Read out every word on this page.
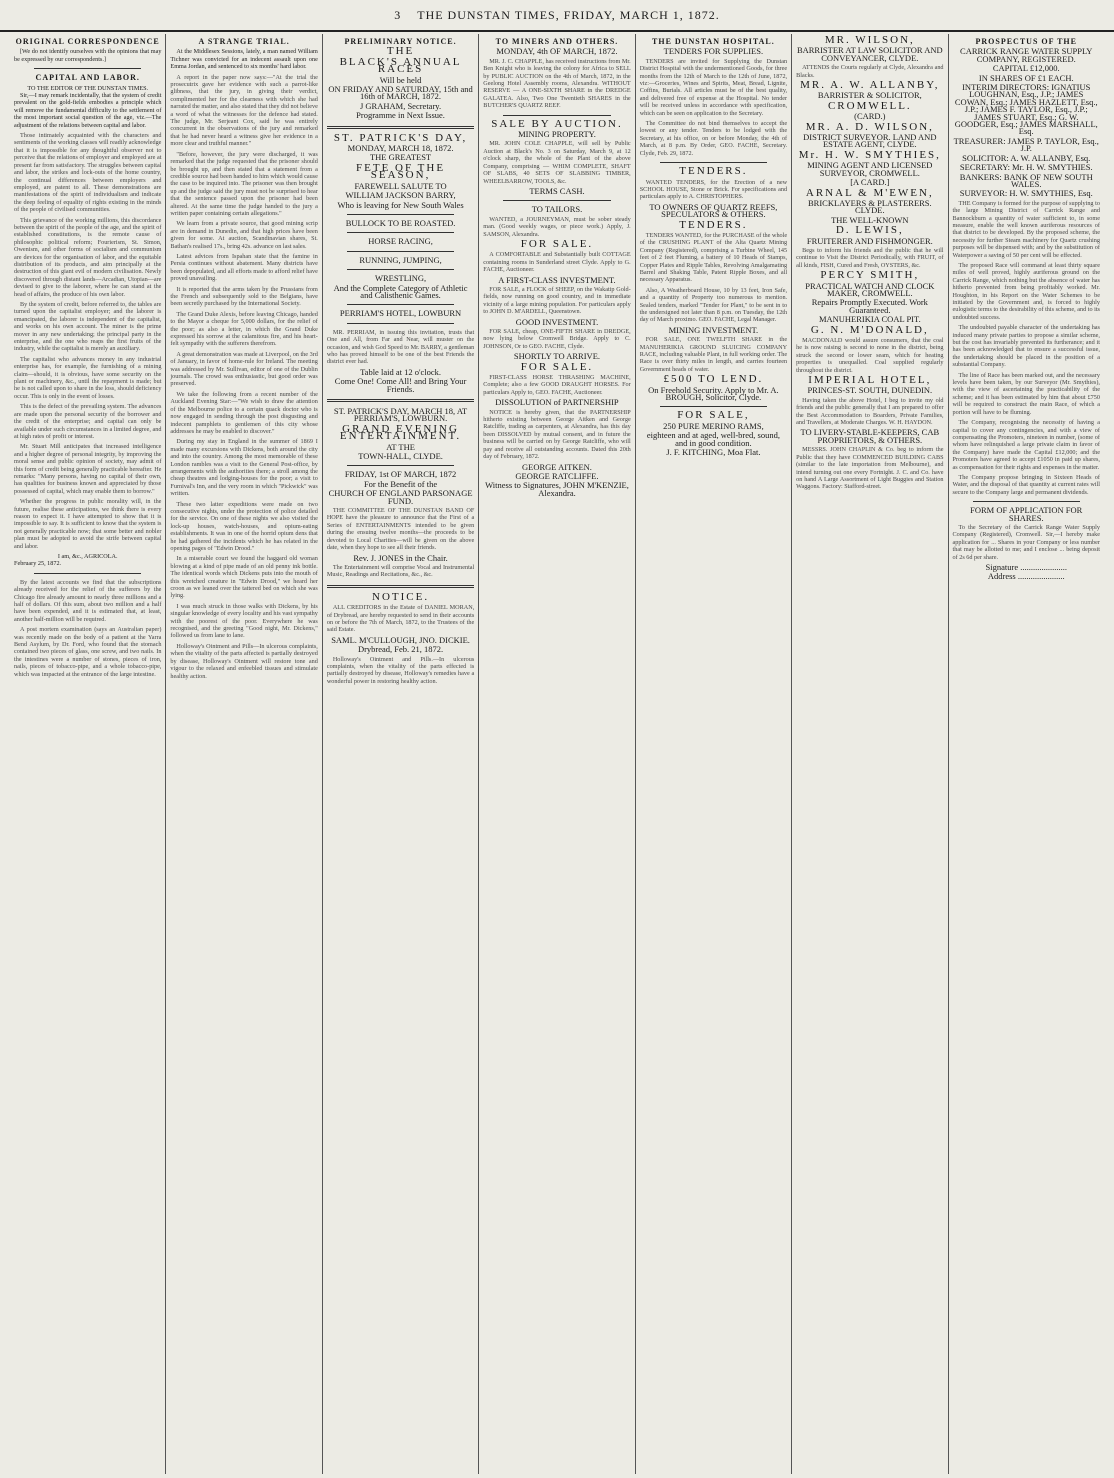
3 THE DUNSTAN TIMES, FRIDAY, MARCH 1, 1872.
ORIGINAL CORRESPONDENCE

[We do not identify ourselves with the opinions that may be expressed by our correspondents.]

CAPITAL AND LABOR.
TO THE EDITOR OF THE DUNSTAN TIMES.

Sir,—I may remark incidentally, that the system of credit prevalent on the gold-fields embodies a principle which will remove the fundamental difficulty to the settlement of the most important social question of the age, viz.—The adjustment of the relations between capital and labor.

Those intimately acquainted with the characters and sentiments of the working classes will readily acknowledge that it is impossible for any thoughtful observer not to perceive that the relations of employer and employed are at present far from satisfactory. The struggles between capital and labor, the strikes and lock-outs of the home country, the continual differences between employers and employed, are patent to all. These demonstrations are manifestations of the spirit of individualism and indicate the deep feeling of equality of rights existing in the minds of the people of civilised communities.

This grievance of the working millions, this discordance between the spirit of the people of the age, and the spirit of established constitutions, is the remote cause of philosophic political reform; Fourierism, St. Simon, Owenism, and other forms of socialism and communism are devices for the organisation of labor, and the equitable distribution of its products, and aim principally at the destruction of this giant evil of modern civilisation. Newly discovered through distant lands—Arcadian, Utopian—are devised to give to the laborer, where he can stand at the head of affairs, the produce of his own labor.

By the system of credit, before referred to, the tables are turned upon the capitalist employer; and the laborer is emancipated, the laborer is independent of the capitalist, and works on his own account. The miner is the prime mover in any new undertaking; the principal party in the enterprise, and the one who reaps the first fruits of the industry, while the capitalist is merely an auxiliary.

The capitalist who advances money in any industrial enterprise has, for example, the furnishing of a mining claim—should, it is obvious, have some security on the plant or machinery, &c., until the repayment is made; but he is not called upon to share in the loss, should deficiency occur. This is only in the event of losses.

This is the defect of the prevailing system. The advances are made upon the personal security of the borrower and the credit of the enterprise; and capital can only be available under such circumstances in a limited degree, and at high rates of profit or interest.

Mr. Stuart Mill anticipates that increased intelligence and a higher degree of personal integrity, by improving the moral sense and public opinion of society, may admit of this form of credit being generally practicable hereafter. He remarks: "Many persons, having no capital of their own, has qualities for business known and appreciated by those possessed of capital, which may enable them to borrow."

Whether the progress in public morality will, in the future, realise these anticipations, we think there is every reason to expect it. I have attempted to show that it is impossible to say. It is sufficient to know that the system is not generally practicable now; that some better and nobler plan must be adopted to avoid the strife between capital and labor.

I am, &c., AGRICOLA.
February 25, 1872.

By the latest accounts we find that the subscriptions already received for the relief of the sufferers by the Chicago fire already amount to nearly three millions and a half of dollars. Of this sum, about two million and a half have been expended, and it is estimated that, at least, another half-million will be required.

A post mortem examination (says an Australian paper) was recently made on the body of a patient at the Yarra Bend Asylum, by Dr. Ford, who found that the stomach contained two pieces of glass, one screw, and two nails. In the intestines were a number of stones, pieces of iron, nails, pieces of tobacco-pipe, and a whole tobacco-pipe, which was impacted at the entrance of the large intestine.

A STRANGE TRIAL.

At the Middlesex Sessions, lately, a man named William Tichner was convicted for an indecent assault upon one Emma Jordan, and sentenced to six months' hard labor.

A report in the paper now says:—"At the trial the prosecutrix gave her evidence with such a parrot-like glibness, that the jury, in giving their verdict, complimented her for the clearness with which she had narrated the matter, and also stated that they did not believe a word of what the witnesses for the defence had stated. The judge, Mr. Serjeant Cox, said he was entirely concurrent in the observations of the jury and remarked that he had never heard a witness give her evidence in a more clear and truthful manner."

"Before, however, the jury were discharged, it was remarked that the judge requested that the prisoner should be brought up, and then stated that a statement from a credible source had been handed to him which would cause the case to be inquired into. The prisoner was then brought up and the judge said the jury must not be surprised to hear that the sentence passed upon the prisoner had been altered. At the same time the judge handed to the jury a written paper containing certain allegations."

We learn from a private source, that good mining scrip are in demand in Dunedin, and that high prices have been given for some. At auction, Scandinavian shares, St. Bathan's realised 17s., bring 42s. advance on last sales.

Latest advices from Ispahan state that the famine in Persia continues without abatement. Many districts have been depopulated, and all efforts made to afford relief have proved unavailing.

It is reported that the arms taken by the Prussians from the French and subsequently sold to the Belgians, have been secretly purchased by the International Society.

The Grand Duke Alexis, before leaving Chicago, handed to the Mayor a cheque for 5,000 dollars, for the relief of the poor; as also a letter, in which the Grand Duke expressed his sorrow at the calamitous fire, and his heart-felt sympathy with the sufferers therefrom.

A great demonstration was made at Liverpool, on the 3rd of January, in favor of home-rule for Ireland. The meeting was addressed by Mr. Sullivan, editor of one of the Dublin journals. The crowd was enthusiastic, but good order was preserved.

We take the following from a recent number of the Auckland Evening Star:—"We wish to draw the attention of the Melbourne police to a certain quack doctor who is now engaged in sending through the post disgusting and indecent pamphlets to gentlemen of this city whose addresses he may be enabled to discover."

During my stay in England in the summer of 1869 I made many excursions with Dickens, both around the city and into the country. Among the most memorable of these London rambles was a visit to the General Post-office, by arrangements with the authorities there; a stroll among the cheap theatres and lodging-houses for the poor; a visit to Furnival's Inn, and the very room in which "Pickwick" was written.

These two latter expeditions were made on two consecutive nights, under the protection of police detailed for the service. On one of these nights we also visited the lock-up houses, watch-houses, and opium-eating establishments. It was in one of the horrid opium dens that he had gathered the incidents which he has related in the opening pages of "Edwin Drood."

In a miserable court we found the haggard old woman blowing at a kind of pipe made of an old penny ink bottle. The identical words which Dickens puts into the mouth of this wretched creature in "Edwin Drood," we heard her croon as we leaned over the tattered bed on which she was lying.

I was much struck in those walks with Dickens, by his singular knowledge of every locality and his vast sympathy with the poorest of the poor. Everywhere he was recognised, and the greeting "Good night, Mr. Dickens," followed us from lane to lane.

Holloway's Ointment and Pills—In ulcerous complaints, when the vitality of the parts affected is partially destroyed by disease, Holloway's Ointment will restore tone and vigour to the relaxed and enfeebled tissues and stimulate healthy action.

PRELIMINARY NOTICE.
THE
BLACK'S ANNUAL RACES
Will be held
ON FRIDAY AND SATURDAY, 15th and 16th of MARCH, 1872.
J GRAHAM, Secretary.
Programme in Next Issue.
ST. PATRICK'S DAY,
MONDAY, MARCH 18, 1872.
THE GREATEST
FETE OF THE SEASON,
FAREWELL SALUTE TO
WILLIAM JACKSON BARRY,
Who is leaving for New South Wales
BULLOCK TO BE ROASTED.
HORSE RACING,
RUNNING, JUMPING,
WRESTLING,
And the Complete Category of Athletic and Calisthenic Games.
PERRIAM'S HOTEL, LOWBURN

MR. PERRIAM, in issuing this invitation, trusts that One and All, from Far and Near, will muster on the occasion, and wish God Speed to Mr. BARRY, a gentleman who has proved himself to be one of the best Friends the district ever had.

Table laid at 12 o'clock.
Come One! Come All! and Bring Your Friends.
ST. PATRICK'S DAY, MARCH 18, AT PERRIAM'S, LOWBURN.
GRAND EVENING ENTERTAINMENT.
AT THE
TOWN-HALL, CLYDE.
FRIDAY, 1st OF MARCH, 1872
For the Benefit of the
CHURCH OF ENGLAND PARSONAGE FUND.

THE COMMITTEE OF THE DUNSTAN BAND OF HOPE have the pleasure to announce that the First of a Series of ENTERTAINMENTS intended to be given during the ensuing twelve months—the proceeds to be devoted to Local Charities—will be given on the above date, when they hope to see all their friends.

Rev. J. JONES in the Chair.

The Entertainment will comprise Vocal and Instrumental Music, Readings and Recitations, &c., &c.

NOTICE.

ALL CREDITORS in the Estate of DANIEL MORAN, of Drybread, are hereby requested to send in their accounts on or before the 7th of March, 1872, to the Trustees of the said Estate.

SAML. M'CULLOUGH, JNO. DICKIE.
Drybread, Feb. 21, 1872.

Holloway's Ointment and Pills.—In ulcerous complaints, when the vitality of the parts effected is partially destroyed by disease, Holloway's remedies have a wonderful power in restoring healthy action.

TO MINERS AND OTHERS.
MONDAY, 4th OF MARCH, 1872.

MR. J. C. CHAPPLE, has received instructions from Mr. Ben Knight who is leaving the colony for Africa to SELL by PUBLIC AUCTION on the 4th of March, 1872, in the Geelong Hotel Assembly rooms, Alexandra. WITHOUT RESERVE — A ONE-SIXTH SHARE in the DREDGE GALATEA. Also, Two One Twentieth SHARES in the BUTCHER'S QUARTZ REEF.

SALE BY AUCTION.
MINING PROPERTY.

MR. JOHN COLE CHAPPLE, will sell by Public Auction at Black's No. 3 on Saturday, March 9, at 12 o'clock sharp, the whole of the Plant of the above Company, comprising — WHIM COMPLETE, SHAFT OF SLABS, 40 SETS OF SLABBING TIMBER, WHEELBARROW, TOOLS, &c.

TERMS CASH.
TO TAILORS.

WANTED, a JOURNEYMAN, must be sober steady man. (Good weekly wages, or piece work.) Apply, J. SAMSON, Alexandra.

FOR SALE.

A COMFORTABLE and Substantially built COTTAGE containing rooms in Sunderland street Clyde. Apply to G. FACHE, Auctioneer.

A FIRST-CLASS INVESTMENT.

FOR SALE, a FLOCK of SHEEP, on the Wakatip Gold-fields, now running on good country, and in immediate vicinity of a large mining population. For particulars apply to JOHN D. M'ARDELL, Queenstown.

GOOD INVESTMENT.

FOR SALE, cheap, ONE-FIFTH SHARE in DREDGE, now lying below Cromwell Bridge. Apply to C. JOHNSON, Or to GEO. FACHE, Clyde.

SHORTLY TO ARRIVE.
FOR SALE.

FIRST-CLASS HORSE THRASHING MACHINE, Complete; also a few GOOD DRAUGHT HORSES. For particulars Apply to, GEO. FACHE, Auctioneer.

DISSOLUTION of PARTNERSHIP

NOTICE is hereby given, that the PARTNERSHIP hitherto existing between George Aitken and George Ratcliffe, trading as carpenters, at Alexandra, has this day been DISSOLVED by mutual consent, and in future the business will be carried on by George Ratcliffe, who will pay and receive all outstanding accounts. Dated this 20th day of February, 1872.

GEORGE AITKEN.
GEORGE RATCLIFFE.
Witness to Signatures, JOHN M'KENZIE, Alexandra.
THE DUNSTAN HOSPITAL.
TENDERS FOR SUPPLIES.

TENDERS are invited for Supplying the Dunstan District Hospital with the undermentioned Goods, for three months from the 12th of March to the 12th of June, 1872, viz:—Groceries, Wines and Spirits, Meat, Bread, Lignite, Coffins, Burials. All articles must be of the best quality, and delivered free of expense at the Hospital. No tender will be received unless in accordance with specification, which can be seen on application to the Secretary.

The Committee do not bind themselves to accept the lowest or any tender. Tenders to be lodged with the Secretary, at his office, on or before Monday, the 4th of March, at 8 p.m. By Order, GEO. FACHE, Secretary. Clyde, Feb. 29, 1872.

TENDERS.

WANTED TENDERS, for the Erection of a new SCHOOL HOUSE, Stone or Brick. For specifications and particulars apply to A. CHRISTOPHERS.

TO OWNERS OF QUARTZ REEFS, SPECULATORS & OTHERS.
TENDERS.

TENDERS WANTED, for the PURCHASE of the whole of the CRUSHING PLANT of the Alta Quartz Mining Company (Registered), comprising a Turbine Wheel, 145 feet of 2 feet Fluming, a battery of 10 Heads of Stamps, Copper Plates and Ripple Tables, Revolving Amalgamating Barrel and Shaking Table, Patent Ripple Boxes, and all necessary Apparatus.

Also, A Weatherboard House, 10 by 13 feet, Iron Safe, and a quantity of Property too numerous to mention. Sealed tenders, marked "Tender for Plant," to be sent in to the undersigned not later than 8 p.m. on Tuesday, the 12th day of March proximo. GEO. FACHE, Legal Manager.

MINING INVESTMENT.

FOR SALE, ONE TWELFTH SHARE in the MANUHERIKIA GROUND SLUICING COMPANY RACE, including valuable Plant, in full working order. The Race is over thirty miles in length, and carries fourteen Government heads of water.

£500 TO LEND.
On Freehold Security. Apply to Mr. A. BROUGH, Solicitor, Clyde.
FOR SALE,
250 PURE MERINO RAMS,
eighteen and at aged, well-bred, sound, and in good condition.
J. F. KITCHING, Moa Flat.
MR. WILSON,
BARRISTER AT LAW SOLICITOR AND CONVEYANCER, CLYDE.

ATTENDS the Courts regularly at Clyde, Alexandra and Blacks.

MR. A. W. ALLANBY,
BARRISTER & SOLICITOR,
CROMWELL.
(CARD.)
MR. A. D. WILSON,
DISTRICT SURVEYOR. LAND AND ESTATE AGENT, CLYDE.
Mr. H. W. SMYTHIES,
MINING AGENT AND LICENSED SURVEYOR, CROMWELL.
[A CARD.]
ARNAL & M'EWEN,
BRICKLAYERS & PLASTERERS. CLYDE.
THE WELL-KNOWN
D. LEWIS,
FRUITERER AND FISHMONGER.

Begs to inform his friends and the public that he will continue to Visit the District Periodically, with FRUIT, of all kinds, FISH, Cured and Fresh, OYSTERS, &c.

PERCY SMITH,
PRACTICAL WATCH AND CLOCK MAKER, CROMWELL.
Repairs Promptly Executed. Work Guaranteed.
MANUHERIKIA COAL PIT.
G. N. M'DONALD,

MACDONALD would assure consumers, that the coal he is now raising is second to none in the district, being struck the second or lower seam, which for heating properties is unequalled. Coal supplied regularly throughout the district.

IMPERIAL HOTEL,
PRINCES-ST. SOUTH, DUNEDIN.

Having taken the above Hotel, I beg to invite my old friends and the public generally that I am prepared to offer the Best Accommodation to Boarders, Private Families, and Travellers, at Moderate Charges. W. H. HAYDON.

TO LIVERY-STABLE-KEEPERS, CAB PROPRIETORS, & OTHERS.

MESSRS. JOHN CHAPLIN & Co. beg to inform the Public that they have COMMENCED BUILDING CABS (similar to the late importation from Melbourne), and intend turning out one every Fortnight. J. C. and Co. have on hand A Large Assortment of Light Buggies and Station Waggons. Factory: Stafford-street.

PROSPECTUS OF THE
CARRICK RANGE WATER SUPPLY COMPANY, REGISTERED.
CAPITAL £12,000.
IN SHARES OF £1 EACH.
INTERIM DIRECTORS: IGNATIUS LOUGHNAN, Esq., J.P.; JAMES COWAN, Esq.; JAMES HAZLETT, Esq., J.P.; JAMES F. TAYLOR, Esq., J.P.; JAMES STUART, Esq.; G. W. GOODGER, Esq.; JAMES MARSHALL, Esq.
TREASURER: JAMES P. TAYLOR, Esq., J.P.
SOLICITOR: A. W. ALLANBY, Esq.
SECRETARY: Mr. H. W. SMYTHIES.
BANKERS: BANK OF NEW SOUTH WALES.
SURVEYOR: H. W. SMYTHIES, Esq.

THE Company is formed for the purpose of supplying to the large Mining District of Carrick Range and Bannockburn a quantity of water sufficient to, in some measure, enable the well known auriferous resources of that district to be developed. By the proposed scheme, the necessity for further Steam machinery for Quartz crushing purposes will be dispensed with; and by the substitution of Waterpower a saving of 50 per cent will be effected.

The proposed Race will command at least thirty square miles of well proved, highly auriferous ground on the Carrick Range, which nothing but the absence of water has hitherto prevented from being profitably worked. Mr. Houghton, in his Report on the Water Schemes to be initiated by the Government and, is forced to highly eulogistic terms to the desirability of this scheme, and to its undoubted success.

The undoubted payable character of the undertaking has induced many private parties to propose a similar scheme, but the cost has invariably prevented its furtherance; and it has been acknowledged that to ensure a successful issue, the undertaking should be placed in the position of a substantial Company.

The line of Race has been marked out, and the necessary levels have been taken, by our Surveyor (Mr. Smythies), with the view of ascertaining the practicability of the scheme; and it has been estimated by him that about £750 will be required to construct the main Race, of which a portion will have to be fluming.

The Company, recognising the necessity of having a capital to cover any contingencies, and with a view of compensating the Promoters, nineteen in number, (some of whom have relinquished a large private claim in favor of the Company) have made the Capital £12,000; and the Promoters have agreed to accept £1050 in paid up shares, as compensation for their rights and expenses in the matter.

The Company propose bringing in Sixteen Heads of Water, and the disposal of that quantity at current rates will secure to the Company large and permanent dividends.

FORM OF APPLICATION FOR SHARES.

To the Secretary of the Carrick Range Water Supply Company (Registered), Cromwell. Sir,—I hereby make application for ... Shares in your Company or less number that may be allotted to me; and I enclose ... being deposit of 2s 6d per share.

Signature ......................
Address ......................
